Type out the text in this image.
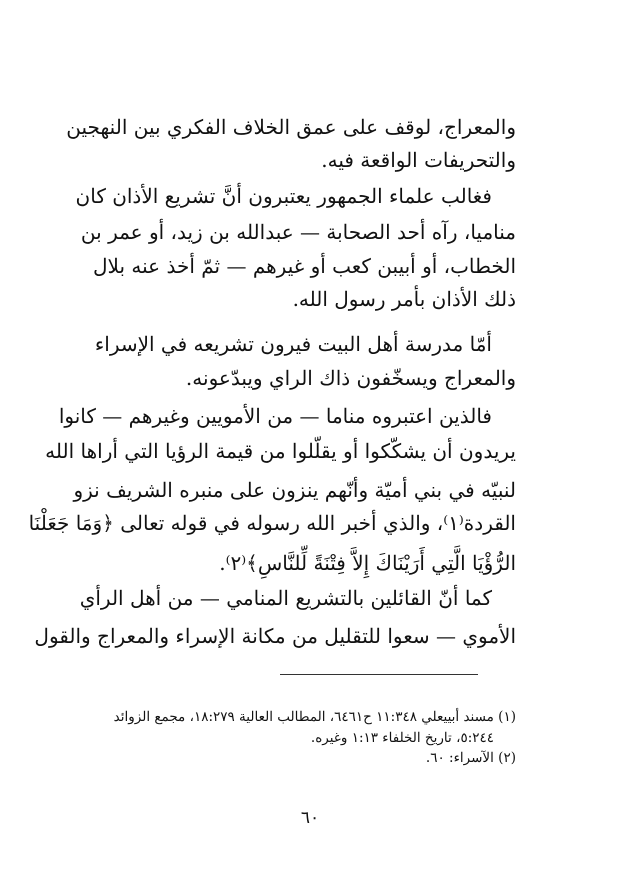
والمعراج، لوقف على عمق الخلاف الفكري بين النهجين
والتحريفات الواقعة فيه.
فغالب علماء الجمهور يعتبرون أنَّ تشريع الأذان كان
مناميا، رآه أحد الصحابة — عبدالله بن زيد، أو عمر بن
الخطاب، أو أبيبن كعب أو غيرهم — ثمّ أخذ عنه بلال
ذلك الأذان بأمر رسول الله.
أمّا مدرسة أهل البيت فيرون تشريعه في الإسراء
والمعراج ويسخّفون ذاك الراي ويبدّعونه.
فالذين اعتبروه مناما — من الأمويين وغيرهم — كانوا
يريدون أن يشكّكوا أو يقلّلوا من قيمة الرؤيا التي أراها الله
لنبيّه في بني أميّة وأنّهم ينزون على منبره الشريف نزو
القردة⁽١⁾، والذي أخبر الله رسوله في قوله تعالى ﴿وَمَا جَعَلْنَا
الرُّؤْيَا الَّتِي أَرَيْنَاكَ إِلاَّ فِتْنَةً لِّلنَّاسِ﴾⁽٢⁾.
كما أنّ القائلين بالتشريع المنامي — من أهل الرأي
الأموي — سعوا للتقليل من مكانة الإسراء والمعراج والقول
(١) مسند أبييعلي ١١:٣٤٨ ح٦٤٦١، المطالب العالية ١٨:٢٧٩، مجمع الزوائد
٥:٢٤٤، تاريخ الخلفاء ١:١٣ وغيره.
(٢) الآسراء: ٦٠.
٦٠
